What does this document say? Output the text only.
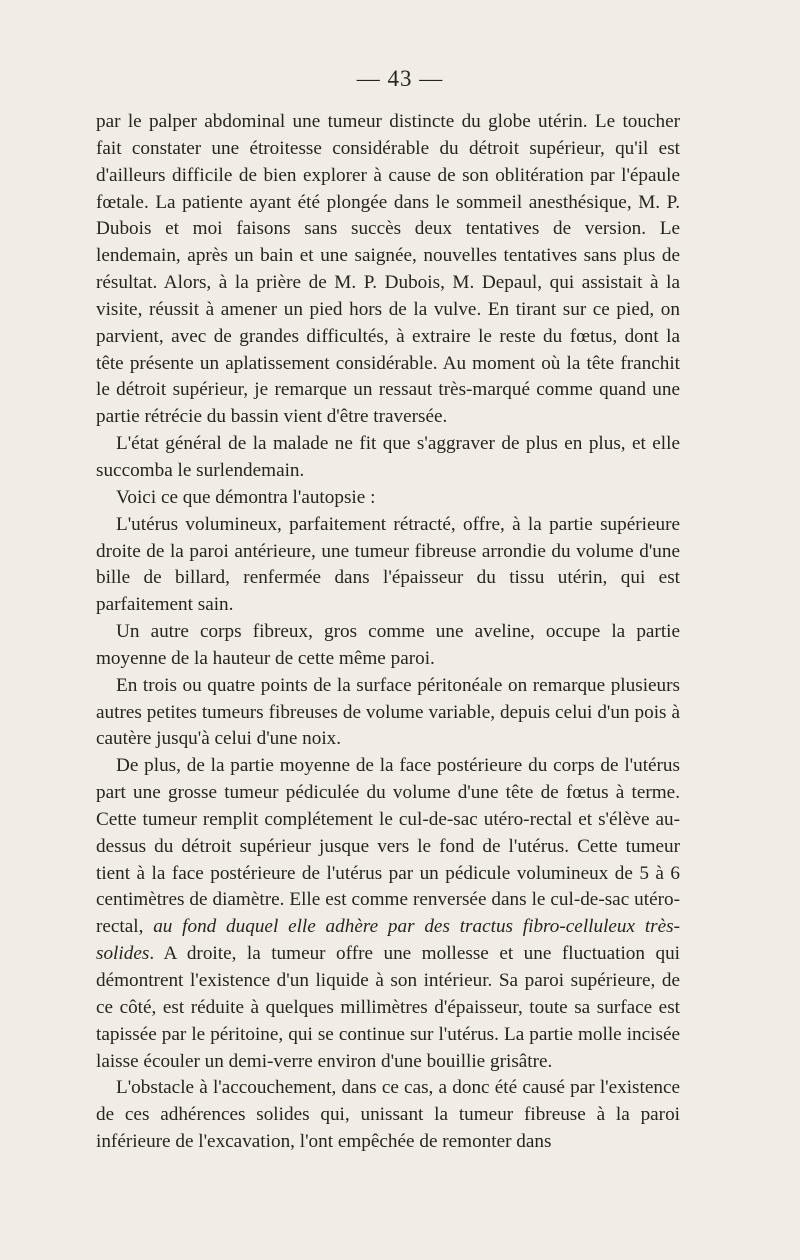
— 43 —

par le palper abdominal une tumeur distincte du globe utérin. Le toucher fait constater une étroitesse considérable du détroit supérieur, qu'il est d'ailleurs difficile de bien explorer à cause de son oblitération par l'épaule fœtale. La patiente ayant été plongée dans le sommeil anesthésique, M. P. Dubois et moi faisons sans succès deux tentatives de version. Le lendemain, après un bain et une saignée, nouvelles tentatives sans plus de résultat. Alors, à la prière de M. P. Dubois, M. Depaul, qui assistait à la visite, réussit à amener un pied hors de la vulve. En tirant sur ce pied, on parvient, avec de grandes difficultés, à extraire le reste du fœtus, dont la tête présente un aplatissement considérable. Au moment où la tête franchit le détroit supérieur, je remarque un ressaut très-marqué comme quand une partie rétrécie du bassin vient d'être traversée.

L'état général de la malade ne fit que s'aggraver de plus en plus, et elle succomba le surlendemain.

Voici ce que démontra l'autopsie :

L'utérus volumineux, parfaitement rétracté, offre, à la partie supérieure droite de la paroi antérieure, une tumeur fibreuse arrondie du volume d'une bille de billard, renfermée dans l'épaisseur du tissu utérin, qui est parfaitement sain.

Un autre corps fibreux, gros comme une aveline, occupe la partie moyenne de la hauteur de cette même paroi.

En trois ou quatre points de la surface péritonéale on remarque plusieurs autres petites tumeurs fibreuses de volume variable, depuis celui d'un pois à cautère jusqu'à celui d'une noix.

De plus, de la partie moyenne de la face postérieure du corps de l'utérus part une grosse tumeur pédiculée du volume d'une tête de fœtus à terme. Cette tumeur remplit complétement le cul-de-sac utéro-rectal et s'élève au-dessus du détroit supérieur jusque vers le fond de l'utérus. Cette tumeur tient à la face postérieure de l'utérus par un pédicule volumineux de 5 à 6 centimètres de diamètre. Elle est comme renversée dans le cul-de-sac utéro-rectal, au fond duquel elle adhère par des tractus fibro-celluleux très-solides. A droite, la tumeur offre une mollesse et une fluctuation qui démontrent l'existence d'un liquide à son intérieur. Sa paroi supérieure, de ce côté, est réduite à quelques millimètres d'épaisseur, toute sa surface est tapissée par le péritoine, qui se continue sur l'utérus. La partie molle incisée laisse écouler un demi-verre environ d'une bouillie grisâtre.

L'obstacle à l'accouchement, dans ce cas, a donc été causé par l'existence de ces adhérences solides qui, unissant la tumeur fibreuse à la paroi inférieure de l'excavation, l'ont empêchée de remonter dans
